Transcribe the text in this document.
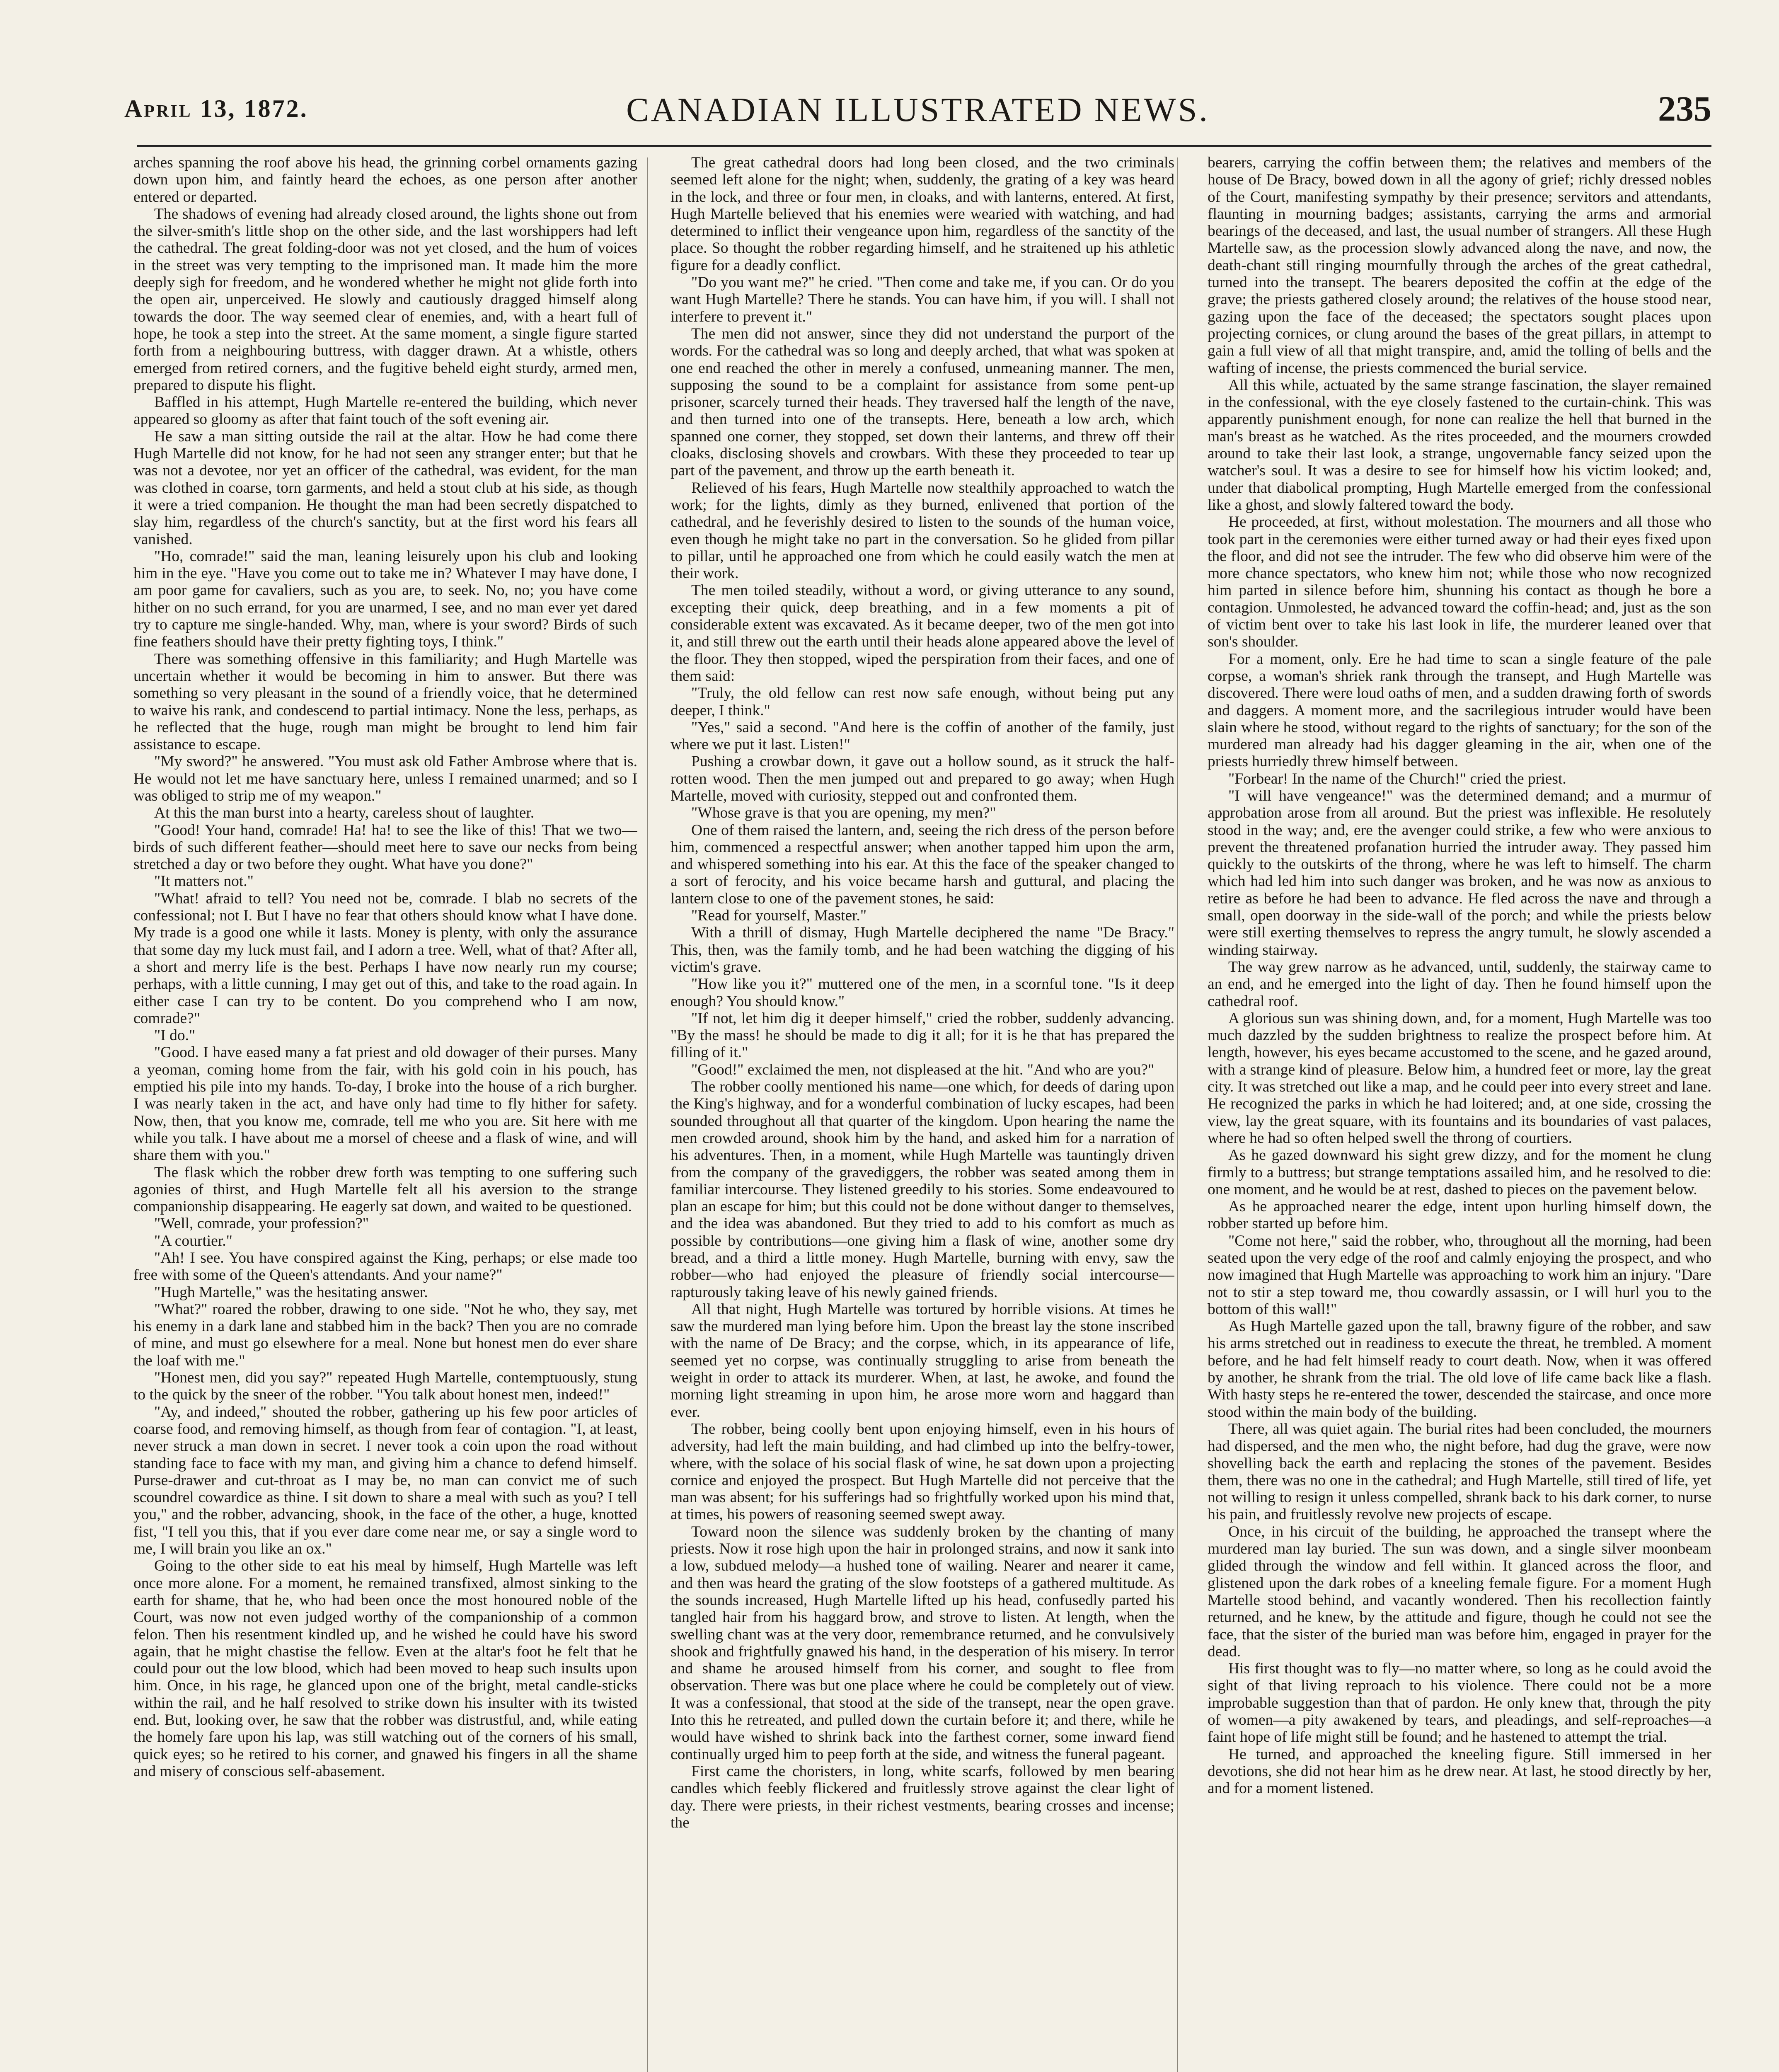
April 13, 1872.	CANADIAN ILLUSTRATED NEWS.	235

arches spanning the roof above his head, the grinning corbel ornaments gazing down upon him, and faintly heard the echoes, as one person after another entered or departed.

The shadows of evening had already closed around, the lights shone out from the silver-smith's little shop on the other side, and the last worshippers had left the cathedral. The great folding-door was not yet closed, and the hum of voices in the street was very tempting to the imprisoned man. It made him the more deeply sigh for freedom, and he wondered whether he might not glide forth into the open air, unperceived. He slowly and cautiously dragged himself along towards the door. The way seemed clear of enemies, and, with a heart full of hope, he took a step into the street. At the same moment, a single figure started forth from a neighbouring buttress, with dagger drawn. At a whistle, others emerged from retired corners, and the fugitive beheld eight sturdy, armed men, prepared to dispute his flight.

Baffled in his attempt, Hugh Martelle re-entered the building, which never appeared so gloomy as after that faint touch of the soft evening air.

He saw a man sitting outside the rail at the altar. How he had come there Hugh Martelle did not know, for he had not seen any stranger enter; but that he was not a devotee, nor yet an officer of the cathedral, was evident, for the man was clothed in coarse, torn garments, and held a stout club at his side, as though it were a tried companion. He thought the man had been secretly dispatched to slay him, regardless of the church's sanctity, but at the first word his fears all vanished.

"Ho, comrade!" said the man, leaning leisurely upon his club and looking him in the eye. "Have you come out to take me in? Whatever I may have done, I am poor game for cavaliers, such as you are, to seek. No, no; you have come hither on no such errand, for you are unarmed, I see, and no man ever yet dared try to capture me single-handed. Why, man, where is your sword? Birds of such fine feathers should have their pretty fighting toys, I think."

There was something offensive in this familiarity; and Hugh Martelle was uncertain whether it would be becoming in him to answer. But there was something so very pleasant in the sound of a friendly voice, that he determined to waive his rank, and condescend to partial intimacy. None the less, perhaps, as he reflected that the huge, rough man might be brought to lend him fair assistance to escape.

"My sword?" he answered. "You must ask old Father Ambrose where that is. He would not let me have sanctuary here, unless I remained unarmed; and so I was obliged to strip me of my weapon."

At this the man burst into a hearty, careless shout of laughter.

"Good! Your hand, comrade! Ha! ha! to see the like of this! That we two—birds of such different feather—should meet here to save our necks from being stretched a day or two before they ought. What have you done?"

"It matters not."

"What! afraid to tell? You need not be, comrade. I blab no secrets of the confessional; not I. But I have no fear that others should know what I have done. My trade is a good one while it lasts. Money is plenty, with only the assurance that some day my luck must fail, and I adorn a tree. Well, what of that? After all, a short and merry life is the best. Perhaps I have now nearly run my course; perhaps, with a little cunning, I may get out of this, and take to the road again. In either case I can try to be content. Do you comprehend who I am now, comrade?"

"I do."

"Good. I have eased many a fat priest and old dowager of their purses. Many a yeoman, coming home from the fair, with his gold coin in his pouch, has emptied his pile into my hands. To-day, I broke into the house of a rich burgher. I was nearly taken in the act, and have only had time to fly hither for safety. Now, then, that you know me, comrade, tell me who you are. Sit here with me while you talk. I have about me a morsel of cheese and a flask of wine, and will share them with you."

The flask which the robber drew forth was tempting to one suffering such agonies of thirst, and Hugh Martelle felt all his aversion to the strange companionship disappearing. He eagerly sat down, and waited to be questioned.

"Well, comrade, your profession?"

"A courtier."

"Ah! I see. You have conspired against the King, perhaps; or else made too free with some of the Queen's attendants. And your name?"

"Hugh Martelle," was the hesitating answer.

"What?" roared the robber, drawing to one side. "Not he who, they say, met his enemy in a dark lane and stabbed him in the back? Then you are no comrade of mine, and must go elsewhere for a meal. None but honest men do ever share the loaf with me."

"Honest men, did you say?" repeated Hugh Martelle, contemptuously, stung to the quick by the sneer of the robber. "You talk about honest men, indeed!"

"Ay, and indeed," shouted the robber, gathering up his few poor articles of coarse food, and removing himself, as though from fear of contagion. "I, at least, never struck a man down in secret. I never took a coin upon the road without standing face to face with my man, and giving him a chance to defend himself. Purse-drawer and cut-throat as I may be, no man can convict me of such scoundrel cowardice as thine. I sit down to share a meal with such as you? I tell you," and the robber, advancing, shook, in the face of the other, a huge, knotted fist, "I tell you this, that if you ever dare come near me, or say a single word to me, I will brain you like an ox."

Going to the other side to eat his meal by himself, Hugh Martelle was left once more alone. For a moment, he remained transfixed, almost sinking to the earth for shame, that he, who had been once the most honoured noble of the Court, was now not even judged worthy of the companionship of a common felon. Then his resentment kindled up, and he wished he could have his sword again, that he might chastise the fellow. Even at the altar's foot he felt that he could pour out the low blood, which had been moved to heap such insults upon him. Once, in his rage, he glanced upon one of the bright, metal candle-sticks within the rail, and he half resolved to strike down his insulter with its twisted end. But, looking over, he saw that the robber was distrustful, and, while eating the homely fare upon his lap, was still watching out of the corners of his small, quick eyes; so he retired to his corner, and gnawed his fingers in all the shame and misery of conscious self-abasement.

The great cathedral doors had long been closed, and the two criminals seemed left alone for the night; when, suddenly, the grating of a key was heard in the lock, and three or four men, in cloaks, and with lanterns, entered. At first, Hugh Martelle believed that his enemies were wearied with watching, and had determined to inflict their vengeance upon him, regardless of the sanctity of the place. So thought the robber regarding himself, and he straitened up his athletic figure for a deadly conflict.

"Do you want me?" he cried. "Then come and take me, if you can. Or do you want Hugh Martelle? There he stands. You can have him, if you will. I shall not interfere to prevent it."

The men did not answer, since they did not understand the purport of the words. For the cathedral was so long and deeply arched, that what was spoken at one end reached the other in merely a confused, unmeaning manner. The men, supposing the sound to be a complaint for assistance from some pent-up prisoner, scarcely turned their heads. They traversed half the length of the nave, and then turned into one of the transepts. Here, beneath a low arch, which spanned one corner, they stopped, set down their lanterns, and threw off their cloaks, disclosing shovels and crowbars. With these they proceeded to tear up part of the pavement, and throw up the earth beneath it.

Relieved of his fears, Hugh Martelle now stealthily approached to watch the work; for the lights, dimly as they burned, enlivened that portion of the cathedral, and he feverishly desired to listen to the sounds of the human voice, even though he might take no part in the conversation. So he glided from pillar to pillar, until he approached one from which he could easily watch the men at their work.

The men toiled steadily, without a word, or giving utterance to any sound, excepting their quick, deep breathing, and in a few moments a pit of considerable extent was excavated. As it became deeper, two of the men got into it, and still threw out the earth until their heads alone appeared above the level of the floor. They then stopped, wiped the perspiration from their faces, and one of them said:

"Truly, the old fellow can rest now safe enough, without being put any deeper, I think."

"Yes," said a second. "And here is the coffin of another of the family, just where we put it last. Listen!"

Pushing a crowbar down, it gave out a hollow sound, as it struck the half-rotten wood. Then the men jumped out and prepared to go away; when Hugh Martelle, moved with curiosity, stepped out and confronted them.

"Whose grave is that you are opening, my men?"

One of them raised the lantern, and, seeing the rich dress of the person before him, commenced a respectful answer; when another tapped him upon the arm, and whispered something into his ear. At this the face of the speaker changed to a sort of ferocity, and his voice became harsh and guttural, and placing the lantern close to one of the pavement stones, he said:

"Read for yourself, Master."

With a thrill of dismay, Hugh Martelle deciphered the name "De Bracy." This, then, was the family tomb, and he had been watching the digging of his victim's grave.

"How like you it?" muttered one of the men, in a scornful tone. "Is it deep enough? You should know."

"If not, let him dig it deeper himself," cried the robber, suddenly advancing. "By the mass! he should be made to dig it all; for it is he that has prepared the filling of it."

"Good!" exclaimed the men, not displeased at the hit. "And who are you?"

The robber coolly mentioned his name—one which, for deeds of daring upon the King's highway, and for a wonderful combination of lucky escapes, had been sounded throughout all that quarter of the kingdom. Upon hearing the name the men crowded around, shook him by the hand, and asked him for a narration of his adventures. Then, in a moment, while Hugh Martelle was tauntingly driven from the company of the gravediggers, the robber was seated among them in familiar intercourse. They listened greedily to his stories. Some endeavoured to plan an escape for him; but this could not be done without danger to themselves, and the idea was abandoned. But they tried to add to his comfort as much as possible by contributions—one giving him a flask of wine, another some dry bread, and a third a little money. Hugh Martelle, burning with envy, saw the robber—who had enjoyed the pleasure of friendly social intercourse—rapturously taking leave of his newly gained friends.

All that night, Hugh Martelle was tortured by horrible visions. At times he saw the murdered man lying before him. Upon the breast lay the stone inscribed with the name of De Bracy; and the corpse, which, in its appearance of life, seemed yet no corpse, was continually struggling to arise from beneath the weight in order to attack its murderer. When, at last, he awoke, and found the morning light streaming in upon him, he arose more worn and haggard than ever.

The robber, being coolly bent upon enjoying himself, even in his hours of adversity, had left the main building, and had climbed up into the belfry-tower, where, with the solace of his social flask of wine, he sat down upon a projecting cornice and enjoyed the prospect. But Hugh Martelle did not perceive that the man was absent; for his sufferings had so frightfully worked upon his mind that, at times, his powers of reasoning seemed swept away.

Toward noon the silence was suddenly broken by the chanting of many priests. Now it rose high upon the hair in prolonged strains, and now it sank into a low, subdued melody—a hushed tone of wailing. Nearer and nearer it came, and then was heard the grating of the slow footsteps of a gathered multitude. As the sounds increased, Hugh Martelle lifted up his head, confusedly parted his tangled hair from his haggard brow, and strove to listen. At length, when the swelling chant was at the very door, remembrance returned, and he convulsively shook and frightfully gnawed his hand, in the desperation of his misery. In terror and shame he aroused himself from his corner, and sought to flee from observation. There was but one place where he could be completely out of view. It was a confessional, that stood at the side of the transept, near the open grave. Into this he retreated, and pulled down the curtain before it; and there, while he would have wished to shrink back into the farthest corner, some inward fiend continually urged him to peep forth at the side, and witness the funeral pageant.

First came the choristers, in long, white scarfs, followed by men bearing candles which feebly flickered and fruitlessly strove against the clear light of day. There were priests, in their richest vestments, bearing crosses and incense; the

bearers, carrying the coffin between them; the relatives and members of the house of De Bracy, bowed down in all the agony of grief; richly dressed nobles of the Court, manifesting sympathy by their presence; servitors and attendants, flaunting in mourning badges; assistants, carrying the arms and armorial bearings of the deceased, and last, the usual number of strangers. All these Hugh Martelle saw, as the procession slowly advanced along the nave, and now, the death-chant still ringing mournfully through the arches of the great cathedral, turned into the transept. The bearers deposited the coffin at the edge of the grave; the priests gathered closely around; the relatives of the house stood near, gazing upon the face of the deceased; the spectators sought places upon projecting cornices, or clung around the bases of the great pillars, in attempt to gain a full view of all that might transpire, and, amid the tolling of bells and the wafting of incense, the priests commenced the burial service.

All this while, actuated by the same strange fascination, the slayer remained in the confessional, with the eye closely fastened to the curtain-chink. This was apparently punishment enough, for none can realize the hell that burned in the man's breast as he watched. As the rites proceeded, and the mourners crowded around to take their last look, a strange, ungovernable fancy seized upon the watcher's soul. It was a desire to see for himself how his victim looked; and, under that diabolical prompting, Hugh Martelle emerged from the confessional like a ghost, and slowly faltered toward the body.

He proceeded, at first, without molestation. The mourners and all those who took part in the ceremonies were either turned away or had their eyes fixed upon the floor, and did not see the intruder. The few who did observe him were of the more chance spectators, who knew him not; while those who now recognized him parted in silence before him, shunning his contact as though he bore a contagion. Unmolested, he advanced toward the coffin-head; and, just as the son of victim bent over to take his last look in life, the murderer leaned over that son's shoulder.

For a moment, only. Ere he had time to scan a single feature of the pale corpse, a woman's shriek rank through the transept, and Hugh Martelle was discovered. There were loud oaths of men, and a sudden drawing forth of swords and daggers. A moment more, and the sacrilegious intruder would have been slain where he stood, without regard to the rights of sanctuary; for the son of the murdered man already had his dagger gleaming in the air, when one of the priests hurriedly threw himself between.

"Forbear! In the name of the Church!" cried the priest.

"I will have vengeance!" was the determined demand; and a murmur of approbation arose from all around. But the priest was inflexible. He resolutely stood in the way; and, ere the avenger could strike, a few who were anxious to prevent the threatened profanation hurried the intruder away. They passed him quickly to the outskirts of the throng, where he was left to himself. The charm which had led him into such danger was broken, and he was now as anxious to retire as before he had been to advance. He fled across the nave and through a small, open doorway in the side-wall of the porch; and while the priests below were still exerting themselves to repress the angry tumult, he slowly ascended a winding stairway.

The way grew narrow as he advanced, until, suddenly, the stairway came to an end, and he emerged into the light of day. Then he found himself upon the cathedral roof.

A glorious sun was shining down, and, for a moment, Hugh Martelle was too much dazzled by the sudden brightness to realize the prospect before him. At length, however, his eyes became accustomed to the scene, and he gazed around, with a strange kind of pleasure. Below him, a hundred feet or more, lay the great city. It was stretched out like a map, and he could peer into every street and lane. He recognized the parks in which he had loitered; and, at one side, crossing the view, lay the great square, with its fountains and its boundaries of vast palaces, where he had so often helped swell the throng of courtiers.

As he gazed downward his sight grew dizzy, and for the moment he clung firmly to a buttress; but strange temptations assailed him, and he resolved to die: one moment, and he would be at rest, dashed to pieces on the pavement below.

As he approached nearer the edge, intent upon hurling himself down, the robber started up before him.

"Come not here," said the robber, who, throughout all the morning, had been seated upon the very edge of the roof and calmly enjoying the prospect, and who now imagined that Hugh Martelle was approaching to work him an injury. "Dare not to stir a step toward me, thou cowardly assassin, or I will hurl you to the bottom of this wall!"

As Hugh Martelle gazed upon the tall, brawny figure of the robber, and saw his arms stretched out in readiness to execute the threat, he trembled. A moment before, and he had felt himself ready to court death. Now, when it was offered by another, he shrank from the trial. The old love of life came back like a flash. With hasty steps he re-entered the tower, descended the staircase, and once more stood within the main body of the building.

There, all was quiet again. The burial rites had been concluded, the mourners had dispersed, and the men who, the night before, had dug the grave, were now shovelling back the earth and replacing the stones of the pavement. Besides them, there was no one in the cathedral; and Hugh Martelle, still tired of life, yet not willing to resign it unless compelled, shrank back to his dark corner, to nurse his pain, and fruitlessly revolve new projects of escape.

Once, in his circuit of the building, he approached the transept where the murdered man lay buried. The sun was down, and a single silver moonbeam glided through the window and fell within. It glanced across the floor, and glistened upon the dark robes of a kneeling female figure. For a moment Hugh Martelle stood behind, and vacantly wondered. Then his recollection faintly returned, and he knew, by the attitude and figure, though he could not see the face, that the sister of the buried man was before him, engaged in prayer for the dead.

His first thought was to fly—no matter where, so long as he could avoid the sight of that living reproach to his violence. There could not be a more improbable suggestion than that of pardon. He only knew that, through the pity of women—a pity awakened by tears, and pleadings, and self-reproaches—a faint hope of life might still be found; and he hastened to attempt the trial.

He turned, and approached the kneeling figure. Still immersed in her devotions, she did not hear him as he drew near. At last, he stood directly by her, and for a moment listened.
